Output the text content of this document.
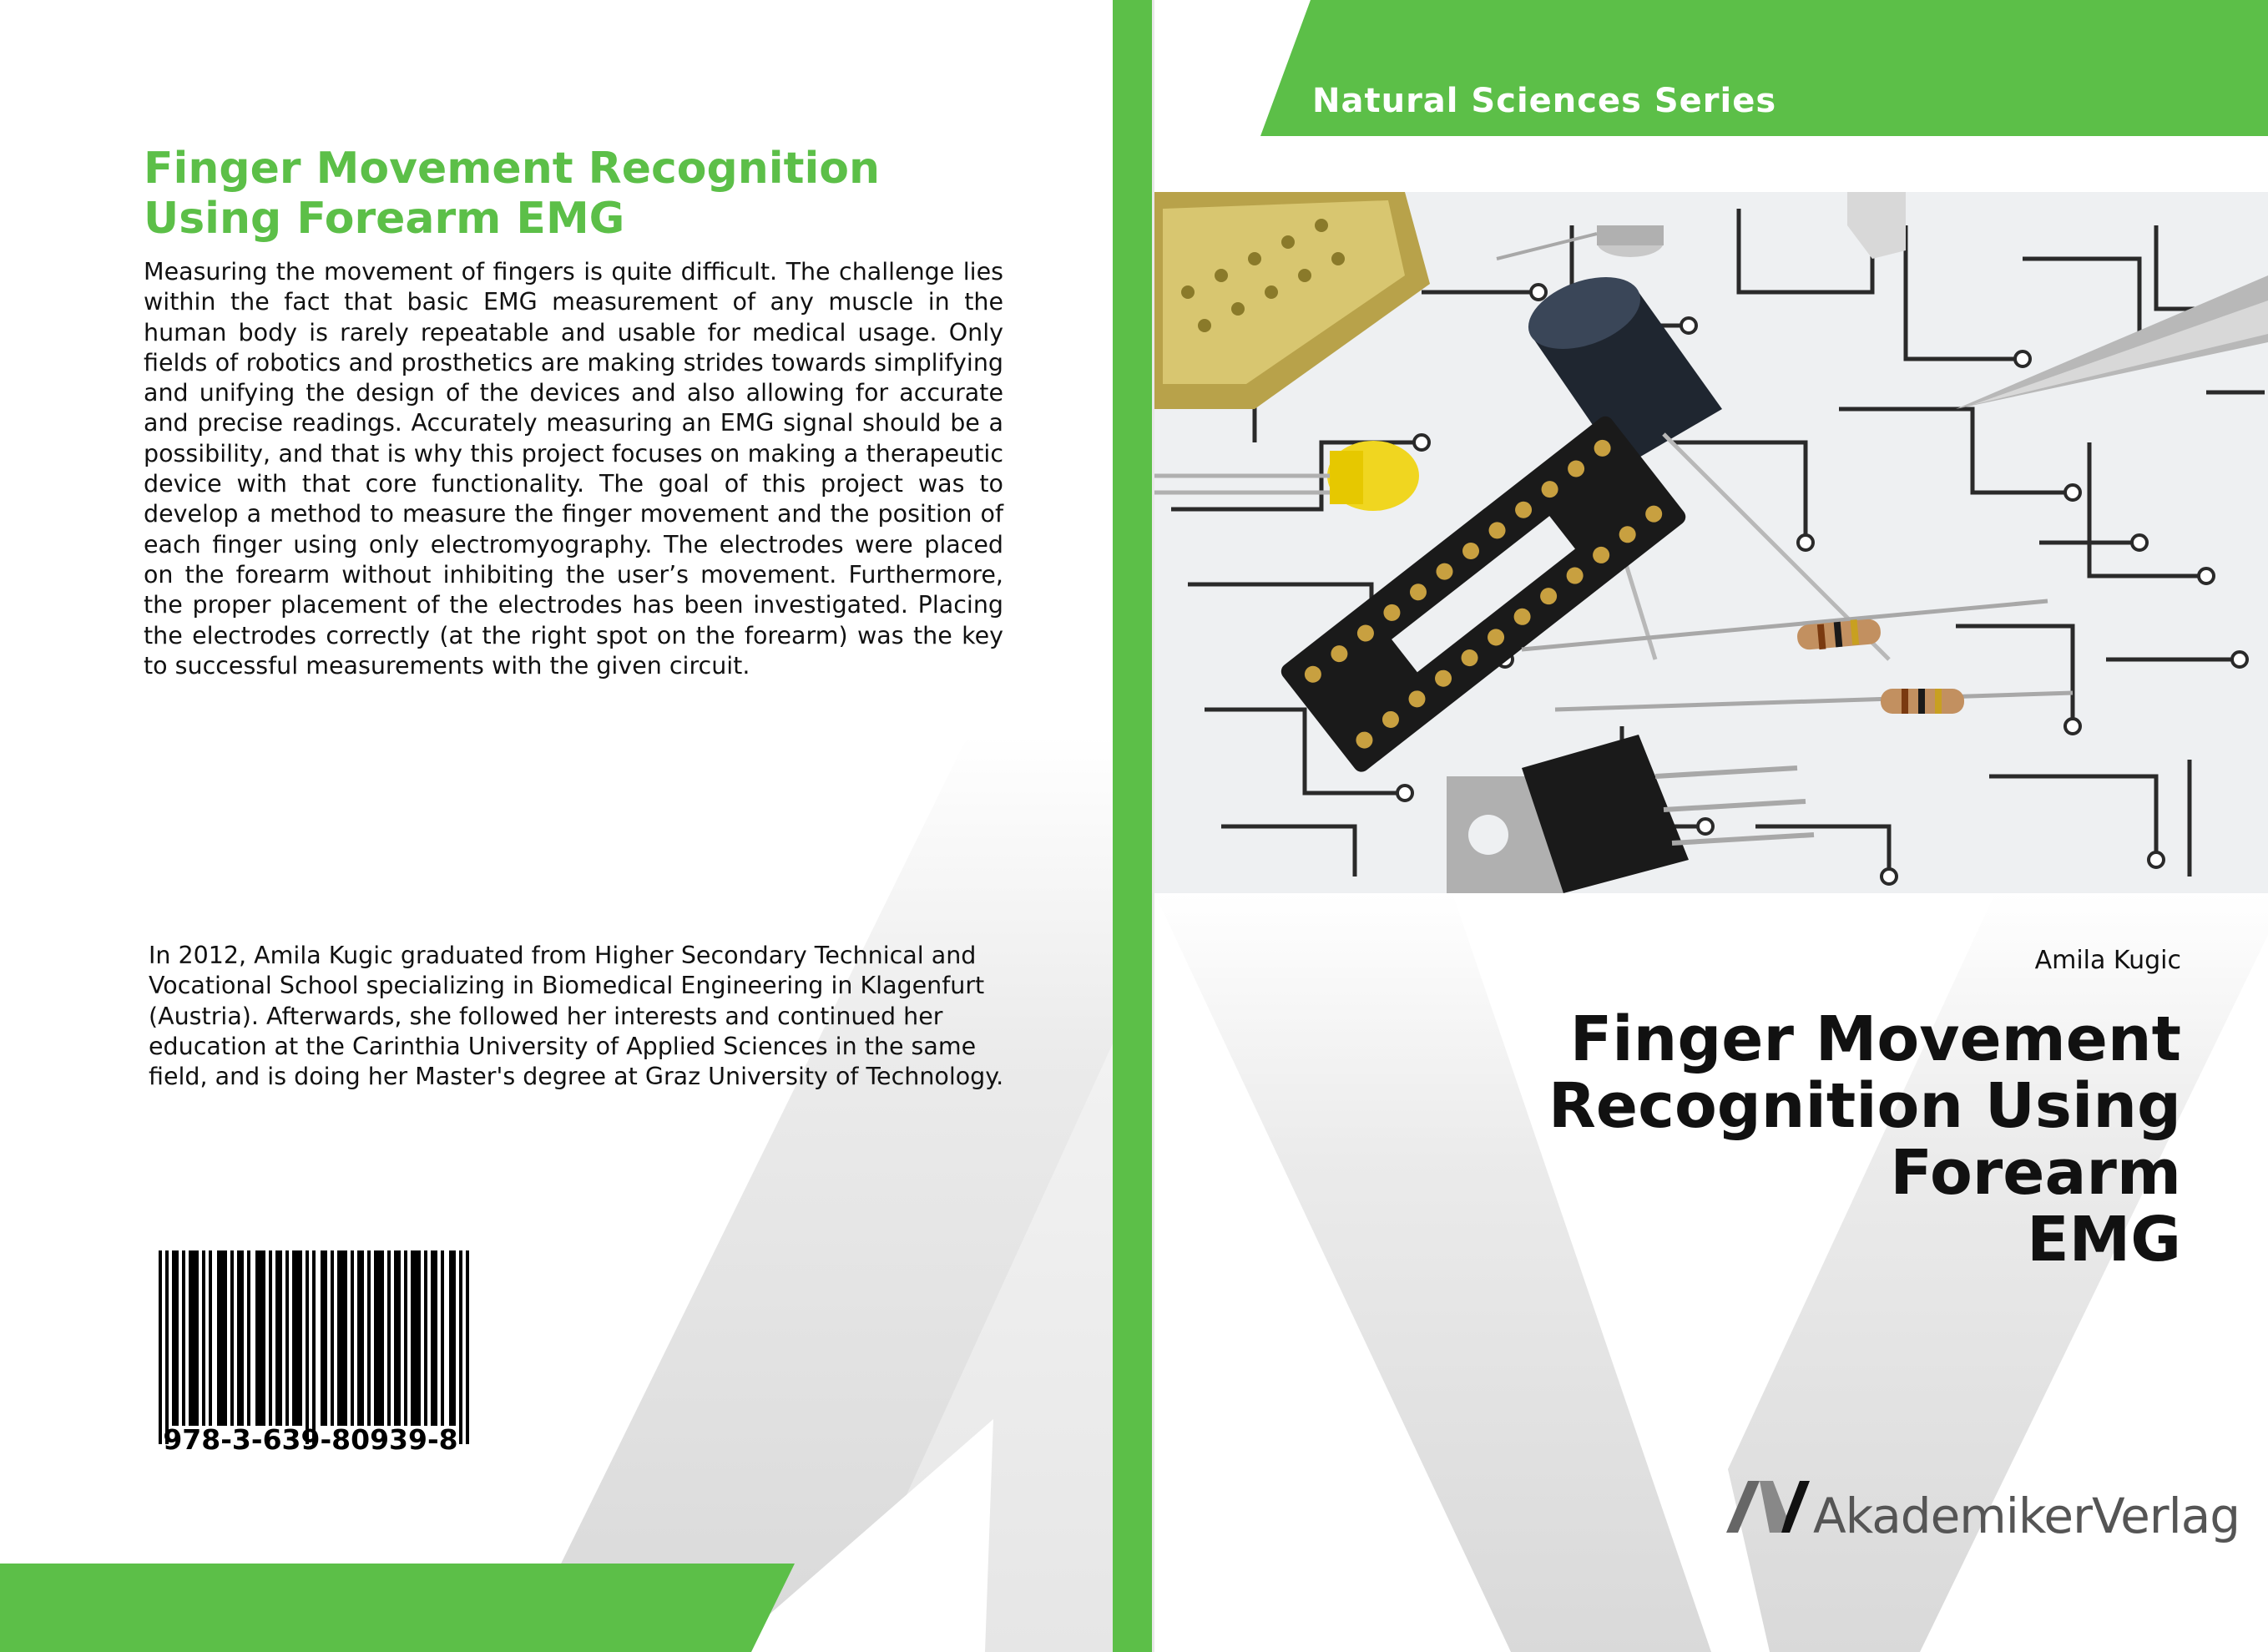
Finger Movement Recognition Using Forearm EMG
Measuring the movement of fingers is quite difficult. The challenge lies within the fact that basic EMG measurement of any muscle in the human body is rarely repeatable and usable for medical usage. Only fields of robotics and prosthetics are making strides towards simplifying and unifying the design of the devices and also allowing for accurate and precise readings. Accurately measuring an EMG signal should be a possibility, and that is why this project focuses on making a therapeutic device with that core functionality. The goal of this project was to develop a method to measure the finger movement and the position of each finger using only electromyography. The electrodes were placed on the forearm without inhibiting the user’s movement. Furthermore, the proper placement of the electrodes has been investigated. Placing the electrodes correctly (at the right spot on the forearm) was the key to successful measurements with the given circuit.
In 2012, Amila Kugic graduated from Higher Secondary Technical and Vocational School specializing in Biomedical Engineering in Klagenfurt (Austria). Afterwards, she followed her interests and continued her education at the Carinthia University of Applied Sciences in the same field, and is doing her Master's degree at Graz University of Technology.
978-3-639-80939-8
Natural Sciences Series
Amila Kugic
Finger Movement
Recognition Using Forearm
EMG
AkademikerVerlag
